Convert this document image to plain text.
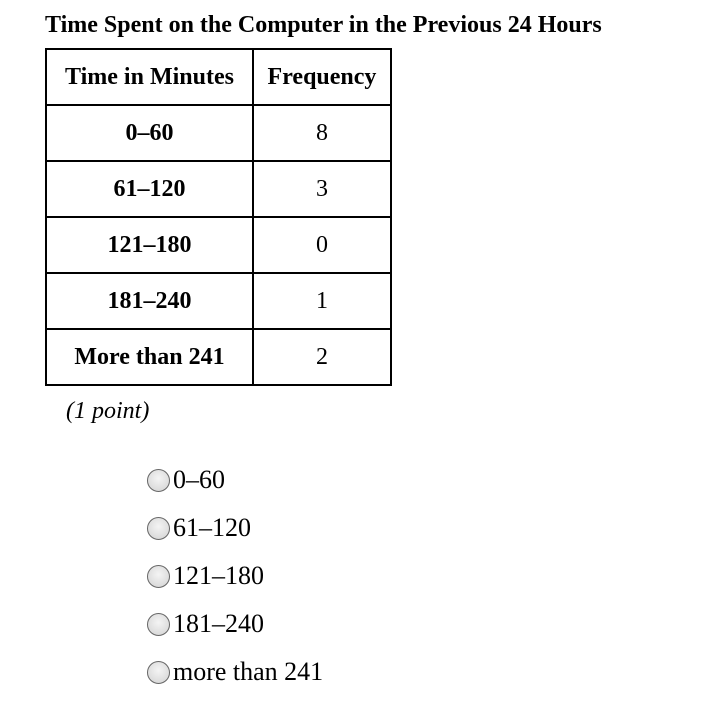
Time Spent on the Computer in the Previous 24 Hours
Time in Minutes	Frequency
0–60	8
61–120	3
121–180	0
181–240	1
More than 241	2
(1 point)
0–60
61–120
121–180
181–240
more than 241
